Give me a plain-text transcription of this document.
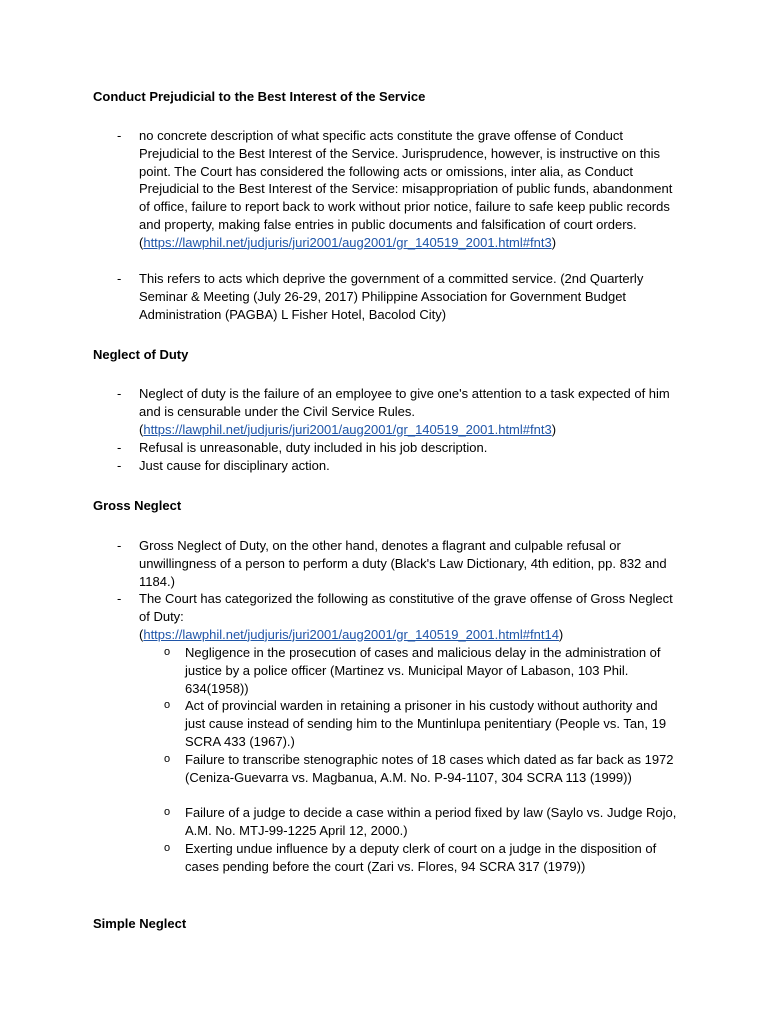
Conduct Prejudicial to the Best Interest of the Service
- no concrete description of what specific acts constitute the grave offense of Conduct Prejudicial to the Best Interest of the Service. Jurisprudence, however, is instructive on this point. The Court has considered the following acts or omissions, inter alia, as Conduct Prejudicial to the Best Interest of the Service: misappropriation of public funds, abandonment of office, failure to report back to work without prior notice, failure to safe keep public records and property, making false entries in public documents and falsification of court orders.
(https://lawphil.net/judjuris/juri2001/aug2001/gr_140519_2001.html#fnt3)
- This refers to acts which deprive the government of a committed service. (2nd Quarterly Seminar & Meeting (July 26-29, 2017) Philippine Association for Government Budget Administration (PAGBA) L Fisher Hotel, Bacolod City)
Neglect of Duty
- Neglect of duty is the failure of an employee to give one's attention to a task expected of him and is censurable under the Civil Service Rules.
(https://lawphil.net/judjuris/juri2001/aug2001/gr_140519_2001.html#fnt3)
- Refusal is unreasonable, duty included in his job description.
- Just cause for disciplinary action.
Gross Neglect
- Gross Neglect of Duty, on the other hand, denotes a flagrant and culpable refusal or unwillingness of a person to perform a duty (Black's Law Dictionary, 4th edition, pp. 832 and 1184.)
- The Court has categorized the following as constitutive of the grave offense of Gross Neglect of Duty:
(https://lawphil.net/judjuris/juri2001/aug2001/gr_140519_2001.html#fnt14)
o Negligence in the prosecution of cases and malicious delay in the administration of justice by a police officer (Martinez vs. Municipal Mayor of Labason, 103 Phil. 634(1958))
o Act of provincial warden in retaining a prisoner in his custody without authority and just cause instead of sending him to the Muntinlupa penitentiary (People vs. Tan, 19 SCRA 433 (1967).)
o Failure to transcribe stenographic notes of 18 cases which dated as far back as 1972 (Ceniza-Guevarra vs. Magbanua, A.M. No. P-94-1107, 304 SCRA 113 (1999))
o Failure of a judge to decide a case within a period fixed by law (Saylo vs. Judge Rojo, A.M. No. MTJ-99-1225 April 12, 2000.)
o Exerting undue influence by a deputy clerk of court on a judge in the disposition of cases pending before the court (Zari vs. Flores, 94 SCRA 317 (1979))
Simple Neglect
